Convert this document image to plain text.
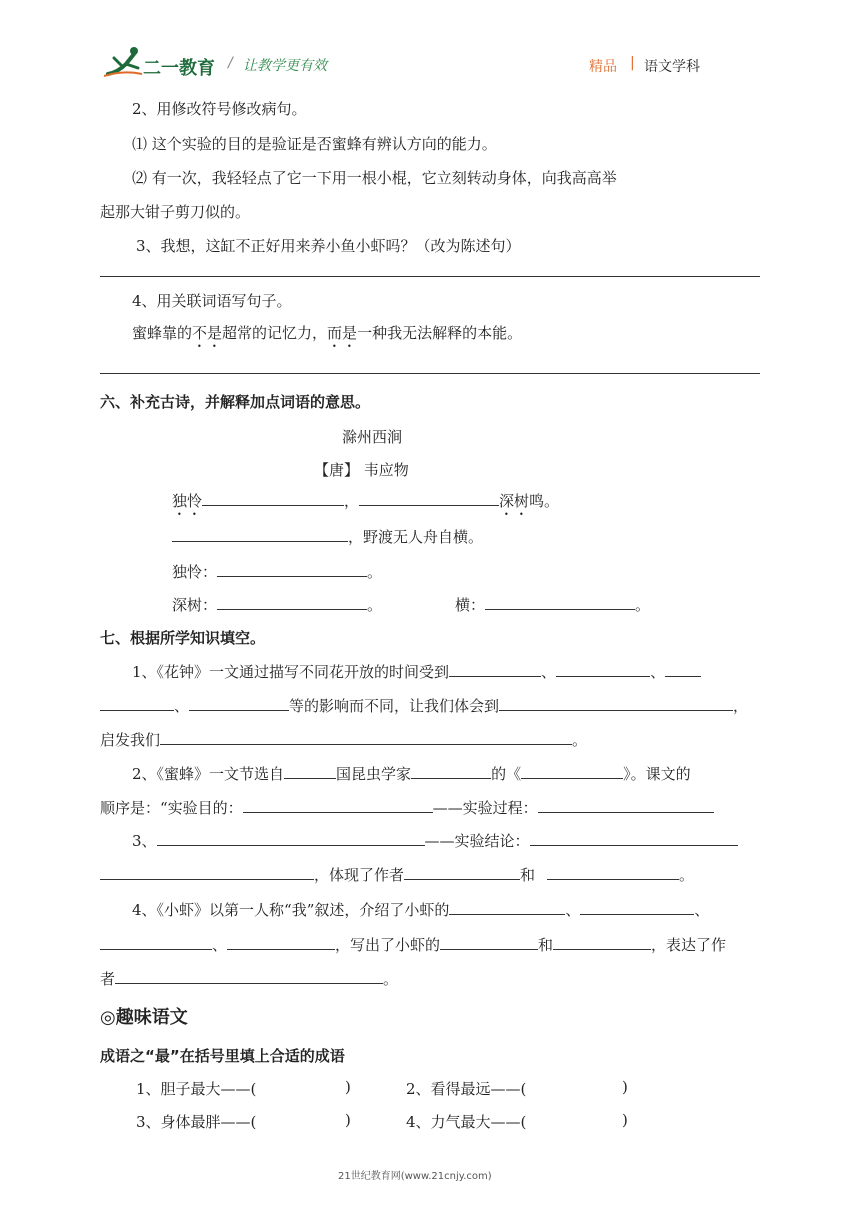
二一教育 / 让教学更有效	精品 | 语文学科
2、用修改符号修改病句。
⑴ 这个实验的目的是验证是否蜜蜂有辨认方向的能力。
⑵ 有一次，我轻轻点了它一下用一根小棍，它立刻转动身体，向我高高举
起那大钳子剪刀似的。
3、我想，这缸不正好用来养小鱼小虾吗？（改为陈述句）
4、用关联词语写句子。
蜜蜂靠的不是超常的记忆力，而是一种我无法解释的本能。
六、补充古诗，并解释加点词语的意思。
滁州西涧
【唐】 韦应物
独怜	，	深树鸣。
，野渡无人舟自横。
独怜：	。
深树：	。	横：	。
七、根据所学知识填空。
1、《花钟》一文通过描写不同花开放的时间受到	、	、
、	等的影响而不同，让我们体会到	，
启发我们	。
2、《蜜蜂》一文节选自	国昆虫学家	的《	》。课文的
顺序是：“实验目的：	——实验过程：
3、	——实验结论：
，体现了作者	和	。
4、《小虾》以第一人称“我”叙述，介绍了小虾的	、	、
、	，写出了小虾的	和	，表达了作
者	。
◎趣味语文
成语之“最”在括号里填上合适的成语
1、胆子最大——(	)	2、看得最远——(	)
3、身体最胖——(	)	4、力气最大——(	)
21世纪教育网(www.21cnjy.com)
